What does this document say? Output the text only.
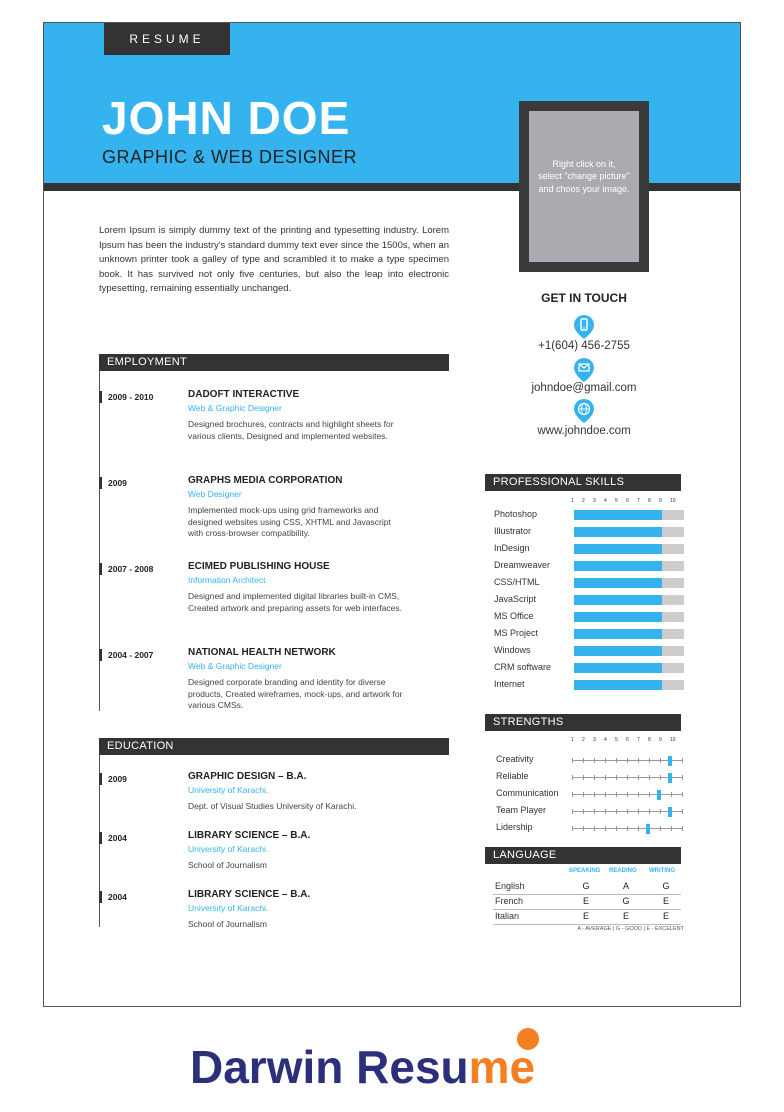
RESUME
JOHN DOE
GRAPHIC & WEB DESIGNER	Right click on it,
select "change picture"
and choos your image.
Lorem Ipsum is simply dummy text of the printing and typesetting industry. Lorem Ipsum has been the industry's standard dummy text ever since the 1500s, when an unknown printer took a galley of type and scrambled it to make a type specimen book. It has survived not only five centuries, but also the leap into electronic typesetting, remaining essentially unchanged.
EMPLOYMENT
2009 - 2010	DADOFT INTERACTIVE
Web & Graphic Designer
Designed brochures, contracts and highlight sheets for various clients, Designed and implemented websites.
2009	GRAPHS MEDIA CORPORATION
Web Designer
Implemented mock-ups using grid frameworks and designed websites using CSS, XHTML and Javascript with cross-browser compatibility.
2007 - 2008	ECIMED PUBLISHING HOUSE
Information Architect
Designed and implemented digital libraries built-in CMS, Created artwork and preparing assets for web interfaces.
2004 - 2007	NATIONAL HEALTH NETWORK
Web & Graphic Designer
Designed corporate branding and identity for diverse products, Created wireframes, mock-ups, and artwork for various CMSs.
EDUCATION
2009	GRAPHIC DESIGN – B.A.
University of Karachi.
Dept. of Visual Studies University of Karachi.
2004	LIBRARY SCIENCE – B.A.
University of Karachi.
School of Journalism
2004	LIBRARY SCIENCE – B.A.
University of Karachi.
School of Journalism
GET IN TOUCH
+1(604) 456-2755
johndoe@gmail.com
www.johndoe.com
PROFESSIONAL SKILLS
1 2 3 4 5 6 7 8 9 10
Photoshop
Illustrator
InDesign
Dreamweaver
CSS/HTML
JavaScript
MS Office
MS Project
Windows
CRM software
Internet
STRENGTHS
1 2 3 4 5 6 7 8 9 10
Creativity
Reliable
Communication
Team Player
Lidership
LANGUAGE
SPEAKING READING WRITING
English	G	A	G
French	E	G	E
Italian	E	E	E
A - AVERAGE | G - GOOD | E - EXCELENT
Darwin Resume
